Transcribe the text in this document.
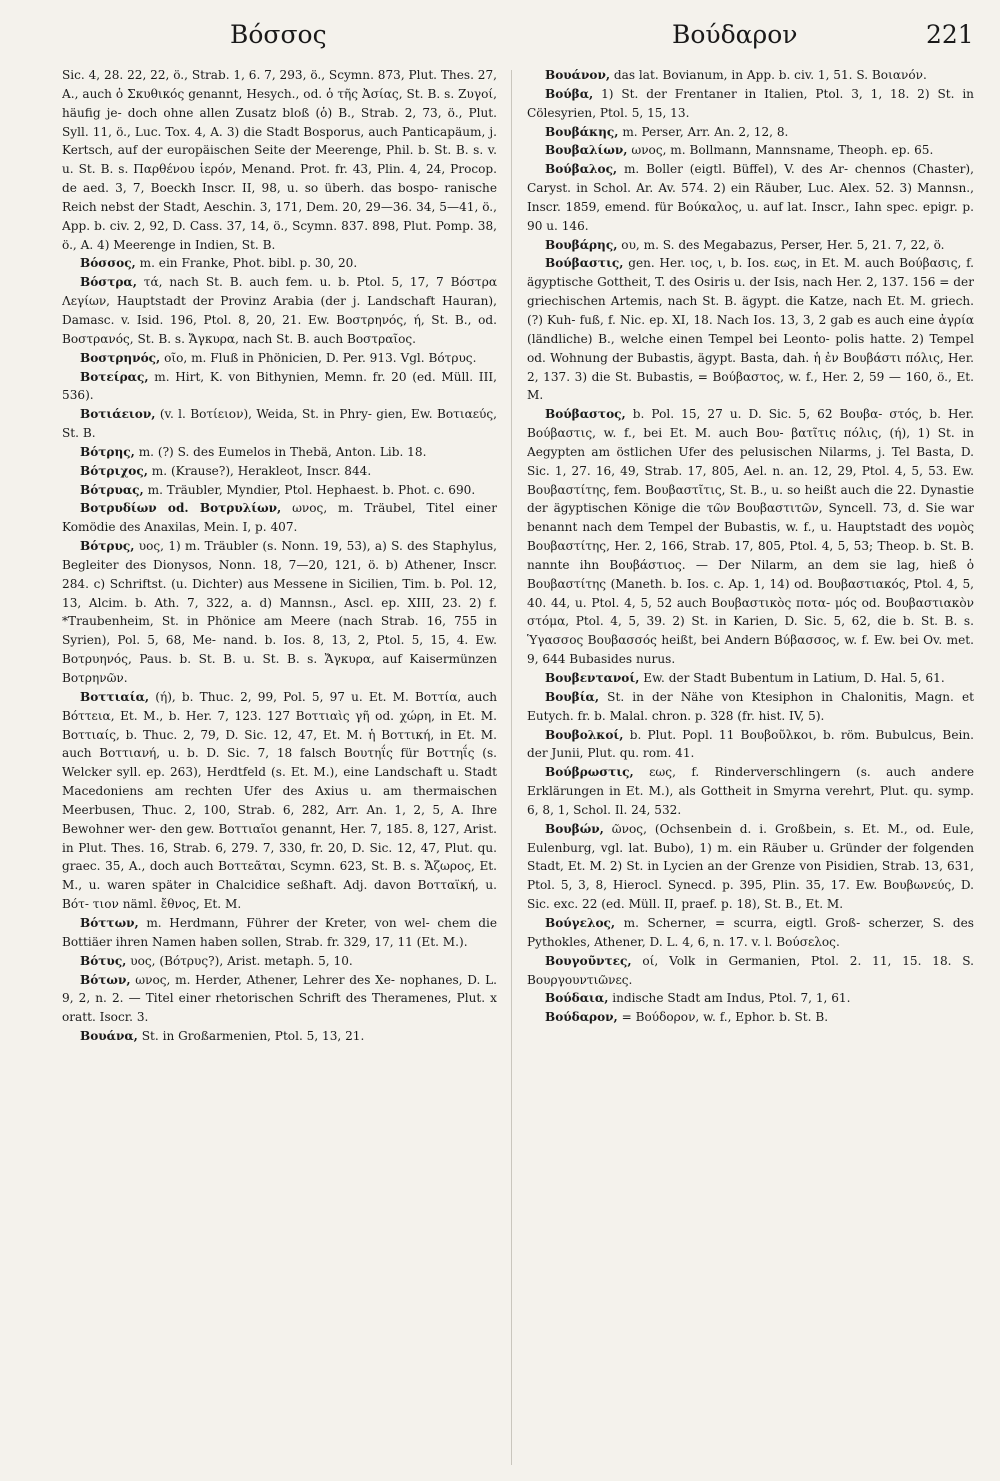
Βόσσος	Βούδαρον	221

Sic. 4, 28. 22, 22, ö., Strab. 1, 6. 7, 293, ö., Scymn. 873, Plut. Thes. 27, A., auch ὁ Σκυθικός genannt, Hesych., od. ὁ τῆς Ἀσίας, St. B. s. Ζυγοί, häufig je- doch ohne allen Zusatz bloß (ὁ) B., Strab. 2, 73, ö., Plut. Syll. 11, ö., Luc. Tox. 4, A. 3) die Stadt Bosporus, auch Panticapäum, j. Kertsch, auf der europäischen Seite der Meerenge, Phil. b. St. B. s. v. u. St. B. s. Παρθένου ἱερόν, Menand. Prot. fr. 43, Plin. 4, 24, Procop. de aed. 3, 7, Boeckh Inscr. II, 98, u. so überh. das bospo- ranische Reich nebst der Stadt, Aeschin. 3, 171, Dem. 20, 29—36. 34, 5—41, ö., App. b. civ. 2, 92, D. Cass. 37, 14, ö., Scymn. 837. 898, Plut. Pomp. 38, ö., A. 4) Meerenge in Indien, St. B.

Βόσσος, m. ein Franke, Phot. bibl. p. 30, 20.

Βόστρα, τά, nach St. B. auch fem. u. b. Ptol. 5, 17, 7 Βόστρα Λεγίων, Hauptstadt der Provinz Arabia (der j. Landschaft Hauran), Damasc. v. Isid. 196, Ptol. 8, 20, 21. Ew. Βοστρηνός, ή, St. B., od. Βοστρανός, St. B. s. Ἄγκυρα, nach St. B. auch Βοστραῖος.

Βοστρηνός, οῖο, m. Fluß in Phönicien, D. Per. 913. Vgl. Βότρυς.

Βοτείρας, m. Hirt, K. von Bithynien, Memn. fr. 20 (ed. Müll. III, 536).

Βοτιάειον, (v. l. Βοτίειον), Weida, St. in Phry- gien, Ew. Βοτιαεύς, St. B.

Βότρης, m. (?) S. des Eumelos in Thebä, Anton. Lib. 18.

Βότριχος, m. (Krause?), Herakleot, Inscr. 844.

Βότρυας, m. Träubler, Myndier, Ptol. Hephaest. b. Phot. c. 690.

Βοτρυδίων od. Βοτρυλίων, ωνος, m. Träubel, Titel einer Komödie des Anaxilas, Mein. I, p. 407.

Βότρυς, υος, 1) m. Träubler (s. Nonn. 19, 53), a) S. des Staphylus, Begleiter des Dionysos, Nonn. 18, 7—20, 121, ö. b) Athener, Inscr. 284. c) Schriftst. (u. Dichter) aus Messene in Sicilien, Tim. b. Pol. 12, 13, Alcim. b. Ath. 7, 322, a. d) Mannsn., Ascl. ep. XIII, 23. 2) f. *Traubenheim, St. in Phönice am Meere (nach Strab. 16, 755 in Syrien), Pol. 5, 68, Me- nand. b. Ios. 8, 13, 2, Ptol. 5, 15, 4. Ew. Βοτρυηνός, Paus. b. St. B. u. St. B. s. Ἄγκυρα, auf Kaisermünzen Βοτρηνῶν.

Βοττιαία, (ή), b. Thuc. 2, 99, Pol. 5, 97 u. Et. M. Βοττία, auch Βόττεια, Et. M., b. Her. 7, 123. 127 Βοττιαὶς γῆ od. χώρη, in Et. M. Βοττιαίς, b. Thuc. 2, 79, D. Sic. 12, 47, Et. M. ἡ Βοττική, in Et. M. auch Βοττιανή, u. b. D. Sic. 7, 18 falsch Βουτηΐς für Βοττηΐς (s. Welcker syll. ep. 263), Herdtfeld (s. Et. M.), eine Landschaft u. Stadt Macedoniens am rechten Ufer des Axius u. am thermaischen Meerbusen, Thuc. 2, 100, Strab. 6, 282, Arr. An. 1, 2, 5, A. Ihre Bewohner wer- den gew. Βοττιαῖοι genannt, Her. 7, 185. 8, 127, Arist. in Plut. Thes. 16, Strab. 6, 279. 7, 330, fr. 20, D. Sic. 12, 47, Plut. qu. graec. 35, A., doch auch Βοττεᾶται, Scymn. 623, St. B. s. Ἄζωρος, Et. M., u. waren später in Chalcidice seßhaft. Adj. davon Βοτταϊκή, u. Βότ- τιον näml. ἔθνος, Et. M.

Βόττων, m. Herdmann, Führer der Kreter, von wel- chem die Bottiäer ihren Namen haben sollen, Strab. fr. 329, 17, 11 (Et. M.).

Βότυς, υος, (Βότρυς?), Arist. metaph. 5, 10.

Βότων, ωνος, m. Herder, Athener, Lehrer des Xe- nophanes, D. L. 9, 2, n. 2. — Titel einer rhetorischen Schrift des Theramenes, Plut. x oratt. Isocr. 3.

Βουάνα, St. in Großarmenien, Ptol. 5, 13, 21.

Βουάνον, das lat. Bovianum, in App. b. civ. 1, 51. S. Βοιανόν.

Βούβα, 1) St. der Frentaner in Italien, Ptol. 3, 1, 18. 2) St. in Cölesyrien, Ptol. 5, 15, 13.

Βουβάκης, m. Perser, Arr. An. 2, 12, 8.

Βουβαλίων, ωνος, m. Bollmann, Mannsname, Theoph. ep. 65.

Βούβαλος, m. Boller (eigtl. Büffel), V. des Ar- chennos (Chaster), Caryst. in Schol. Ar. Av. 574. 2) ein Räuber, Luc. Alex. 52. 3) Mannsn., Inscr. 1859, emend. für Βούκαλος, u. auf lat. Inscr., Iahn spec. epigr. p. 90 u. 146.

Βουβάρης, ου, m. S. des Megabazus, Perser, Her. 5, 21. 7, 22, ö.

Βούβαστις, gen. Her. ιος, ι, b. Ios. εως, in Et. M. auch Βούβασις, f. ägyptische Gottheit, T. des Osiris u. der Isis, nach Her. 2, 137. 156 = der griechischen Artemis, nach St. B. ägypt. die Katze, nach Et. M. griech. (?) Kuh- fuß, f. Nic. ep. XI, 18. Nach Ios. 13, 3, 2 gab es auch eine ἀγρία (ländliche) B., welche einen Tempel bei Leonto- polis hatte. 2) Tempel od. Wohnung der Bubastis, ägypt. Basta, dah. ἡ ἐν Βουβάστι πόλις, Her. 2, 137. 3) die St. Bubastis, = Βούβαστος, w. f., Her. 2, 59 — 160, ö., Et. M.

Βούβαστος, b. Pol. 15, 27 u. D. Sic. 5, 62 Βουβα- στός, b. Her. Βούβαστις, w. f., bei Et. M. auch Βου- βατῖτις πόλις, (ή), 1) St. in Aegypten am östlichen Ufer des pelusischen Nilarms, j. Tel Basta, D. Sic. 1, 27. 16, 49, Strab. 17, 805, Ael. n. an. 12, 29, Ptol. 4, 5, 53. Ew. Βουβαστίτης, fem. Βουβαστῖτις, St. B., u. so heißt auch die 22. Dynastie der ägyptischen Könige die τῶν Βουβαστιτῶν, Syncell. 73, d. Sie war benannt nach dem Tempel der Bubastis, w. f., u. Hauptstadt des νομὸς Βουβαστίτης, Her. 2, 166, Strab. 17, 805, Ptol. 4, 5, 53; Theop. b. St. B. nannte ihn Βουβάστιος. — Der Nilarm, an dem sie lag, hieß ὁ Βουβαστίτης (Maneth. b. Ios. c. Ap. 1, 14) od. Βουβαστιακός, Ptol. 4, 5, 40. 44, u. Ptol. 4, 5, 52 auch Βουβαστικὸς ποτα- μός od. Βουβαστιακὸν στόμα, Ptol. 4, 5, 39. 2) St. in Karien, D. Sic. 5, 62, die b. St. B. s. Ὑγασσος Βουβασσός heißt, bei Andern Βύβασσος, w. f. Ew. bei Ov. met. 9, 644 Bubasides nurus.

Βουβεντανοί, Ew. der Stadt Bubentum in Latium, D. Hal. 5, 61.

Βουβία, St. in der Nähe von Ktesiphon in Chalonitis, Magn. et Eutych. fr. b. Malal. chron. p. 328 (fr. hist. IV, 5).

Βουβολκοί, b. Plut. Popl. 11 Βουβοῦλκοι, b. röm. Bubulcus, Bein. der Junii, Plut. qu. rom. 41.

Βούβρωστις, εως, f. Rinderverschlingern (s. auch andere Erklärungen in Et. M.), als Gottheit in Smyrna verehrt, Plut. qu. symp. 6, 8, 1, Schol. Il. 24, 532.

Βουβών, ῶνος, (Ochsenbein d. i. Großbein, s. Et. M., od. Eule, Eulenburg, vgl. lat. Bubo), 1) m. ein Räuber u. Gründer der folgenden Stadt, Et. M. 2) St. in Lycien an der Grenze von Pisidien, Strab. 13, 631, Ptol. 5, 3, 8, Hierocl. Synecd. p. 395, Plin. 35, 17. Ew. Βουβωνεύς, D. Sic. exc. 22 (ed. Müll. II, praef. p. 18), St. B., Et. M.

Βούγελος, m. Scherner, = scurra, eigtl. Groß- scherzer, S. des Pythokles, Athener, D. L. 4, 6, n. 17. v. l. Βούσελος.

Βουγοῦντες, οί, Volk in Germanien, Ptol. 2. 11, 15. 18. S. Βουργουντιῶνες.

Βούδαια, indische Stadt am Indus, Ptol. 7, 1, 61.

Βούδαρον, = Βούδορον, w. f., Ephor. b. St. B.
